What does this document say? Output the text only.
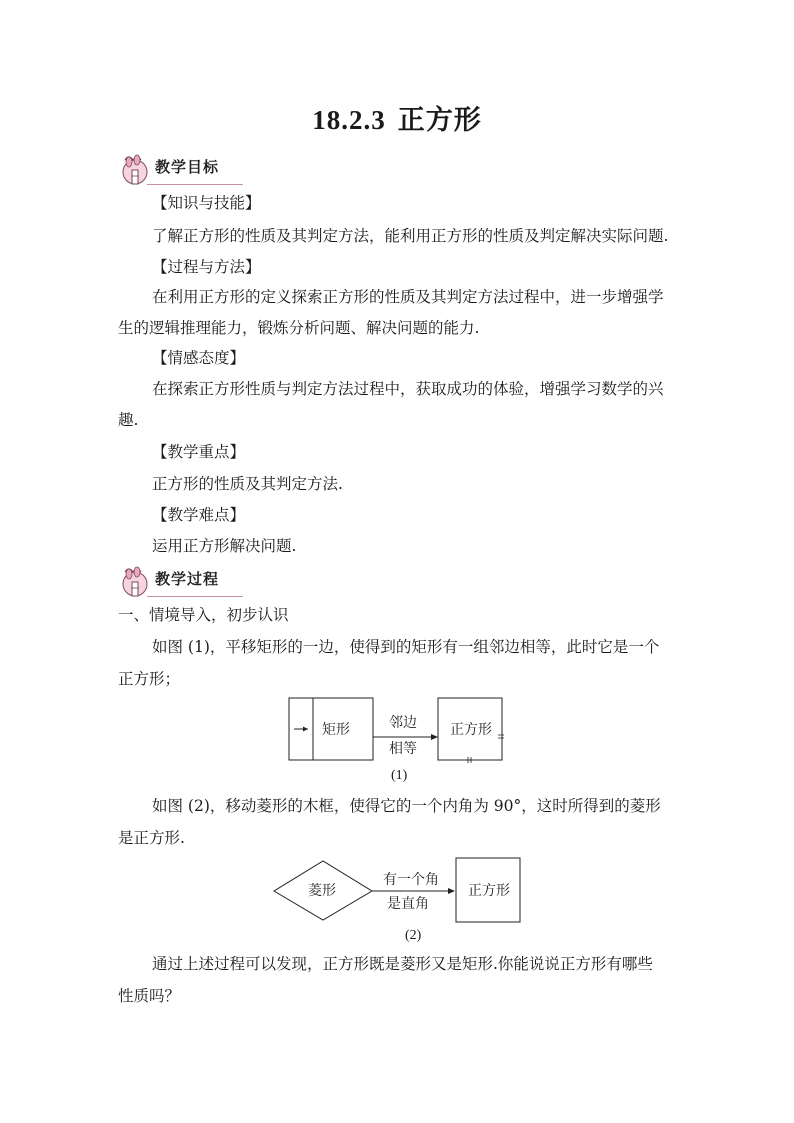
18.2.3 正方形
教学目标
【知识与技能】
了解正方形的性质及其判定方法，能利用正方形的性质及判定解决实际问题.
【过程与方法】
在利用正方形的定义探索正方形的性质及其判定方法过程中，进一步增强学
生的逻辑推理能力，锻炼分析问题、解决问题的能力.
【情感态度】
在探索正方形性质与判定方法过程中，获取成功的体验，增强学习数学的兴
趣.
【教学重点】
正方形的性质及其判定方法.
【教学难点】
运用正方形解决问题.
教学过程
一、情境导入，初步认识
如图 (1)，平移矩形的一边，使得到的矩形有一组邻边相等，此时它是一个
正方形；
矩形	邻边
相等
正方形
(1)
如图 (2)，移动菱形的木框，使得它的一个内角为 90°，这时所得到的菱形
是正方形.
菱形
有一个角
是直角
正方形
(2)
通过上述过程可以发现，正方形既是菱形又是矩形.你能说说正方形有哪些
性质吗？
